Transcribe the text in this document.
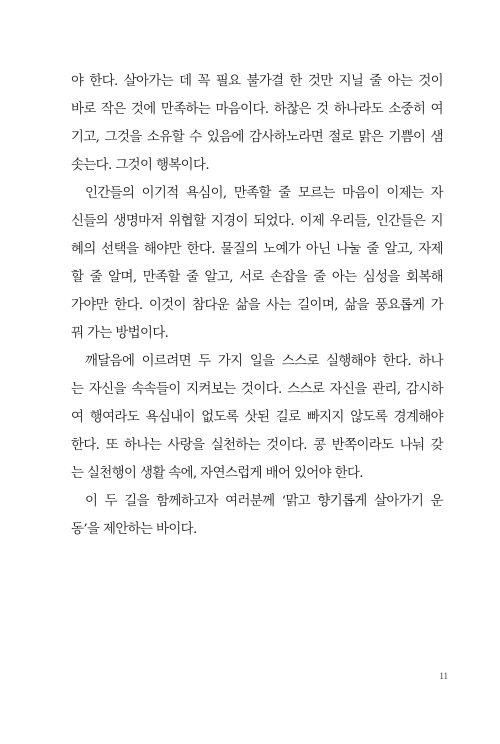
야 한다. 살아가는 데 꼭 필요 불가결 한 것만 지닐 줄 아는 것이
바로 작은 것에 만족하는 마음이다. 하찮은 것 하나라도 소중히 여
기고, 그것을 소유할 수 있음에 감사하노라면 절로 맑은 기쁨이 샘
솟는다. 그것이 행복이다.
인간들의 이기적 욕심이, 만족할 줄 모르는 마음이 이제는 자
신들의 생명마저 위협할 지경이 되었다. 이제 우리들, 인간들은 지
혜의 선택을 해야만 한다. 물질의 노예가 아닌 나눌 줄 알고, 자제
할 줄 알며, 만족할 줄 알고, 서로 손잡을 줄 아는 심성을 회복해
가야만 한다. 이것이 참다운 삶을 사는 길이며, 삶을 풍요롭게 가
꿔 가는 방법이다.
깨달음에 이르려면 두 가지 일을 스스로 실행해야 한다. 하나
는 자신을 속속들이 지켜보는 것이다. 스스로 자신을 관리, 감시하
여 행여라도 욕심내이 없도록 삿된 길로 빠지지 않도록 경계해야
한다. 또 하나는 사랑을 실천하는 것이다. 콩 반쪽이라도 나눠 갖
는 실천행이 생활 속에, 자연스럽게 배어 있어야 한다.
이 두 길을 함께하고자 여러분께 ‘맑고 향기롭게 살아가기 운
동’을 제안하는 바이다.
11
